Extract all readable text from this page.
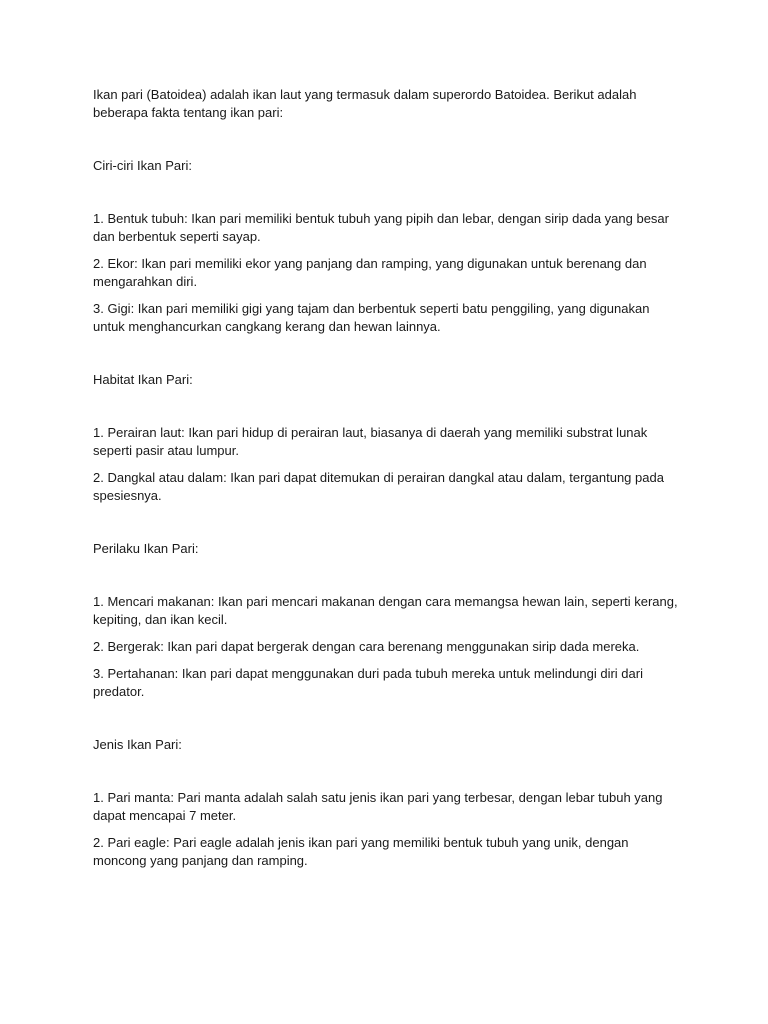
Ikan pari (Batoidea) adalah ikan laut yang termasuk dalam superordo Batoidea. Berikut adalah beberapa fakta tentang ikan pari:

Ciri-ciri Ikan Pari:

1. Bentuk tubuh: Ikan pari memiliki bentuk tubuh yang pipih dan lebar, dengan sirip dada yang besar dan berbentuk seperti sayap.

2. Ekor: Ikan pari memiliki ekor yang panjang dan ramping, yang digunakan untuk berenang dan mengarahkan diri.

3. Gigi: Ikan pari memiliki gigi yang tajam dan berbentuk seperti batu penggiling, yang digunakan untuk menghancurkan cangkang kerang dan hewan lainnya.

Habitat Ikan Pari:

1. Perairan laut: Ikan pari hidup di perairan laut, biasanya di daerah yang memiliki substrat lunak seperti pasir atau lumpur.

2. Dangkal atau dalam: Ikan pari dapat ditemukan di perairan dangkal atau dalam, tergantung pada spesiesnya.

Perilaku Ikan Pari:

1. Mencari makanan: Ikan pari mencari makanan dengan cara memangsa hewan lain, seperti kerang, kepiting, dan ikan kecil.

2. Bergerak: Ikan pari dapat bergerak dengan cara berenang menggunakan sirip dada mereka.

3. Pertahanan: Ikan pari dapat menggunakan duri pada tubuh mereka untuk melindungi diri dari predator.

Jenis Ikan Pari:

1. Pari manta: Pari manta adalah salah satu jenis ikan pari yang terbesar, dengan lebar tubuh yang dapat mencapai 7 meter.

2. Pari eagle: Pari eagle adalah jenis ikan pari yang memiliki bentuk tubuh yang unik, dengan moncong yang panjang dan ramping.
